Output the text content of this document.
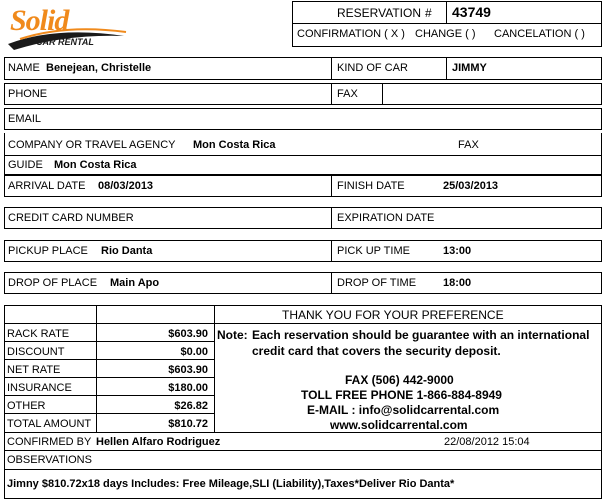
Solid
CAR RENTAL
RESERVATION # 43749
CONFIRMATION ( X ) CHANGE ( ) CANCELATION ( )
NAME Benejean, Christelle	KIND OF CAR	JIMMY
PHONE	FAX
EMAIL
COMPANY OR TRAVEL AGENCY Mon Costa Rica	FAX
GUIDE Mon Costa Rica
ARRIVAL DATE 08/03/2013	FINISH DATE	25/03/2013
CREDIT CARD NUMBER	EXPIRATION DATE
PICKUP PLACE Rio Danta	PICK UP TIME	13:00
DROP OF PLACE Main Apo	DROP OF TIME 18:00
RACK RATE	$603.90
DISCOUNT	$0.00
NET RATE	$603.90
INSURANCE	$180.00
OTHER	$26.82
TOTAL AMOUNT	$810.72
THANK YOU FOR YOUR PREFERENCE
Note: Each reservation should be guarantee with an international
credit card that covers the security deposit.
FAX (506) 442-9000
TOLL FREE PHONE 1-866-884-8949
E-MAIL : info@solidcarrental.com
www.solidcarrental.com
CONFIRMED BY Hellen Alfaro Rodriguez	22/08/2012 15:04
OBSERVATIONS
Jimny $810.72x18 days Includes: Free Mileage,SLI (Liability),Taxes*Deliver Rio Danta*
